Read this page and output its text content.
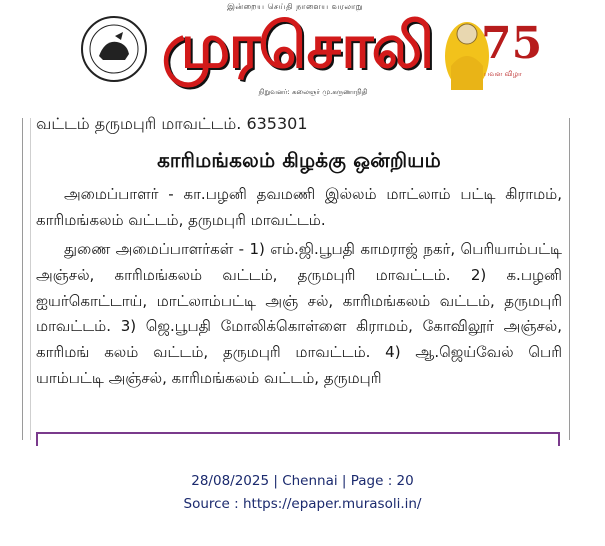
இன்றைய செய்தி நாளைய வரலாறு
முரசொலி 75
பவள விழா
நிறுவனர்: கலைஞர் மு.கருணாநிதி
வட்டம் தருமபுரி மாவட்டம். 635301
காரிமங்கலம் கிழக்கு ஒன்றியம்
அமைப்பாளர் - கா.பழனி தவமணி இல்லம் மாட்லாம் பட்டி கிராமம், காரிமங்கலம் வட்டம், தருமபுரி மாவட்டம்.
துணை அமைப்பாளர்கள் - 1) எம்.ஜி.பூபதி காமராஜ் நகர், பெரியாம்பட்டி அஞ்சல், காரிமங்கலம் வட்டம், தருமபுரி மாவட்டம். 2) க.பழனி ஐயர்கொட்டாய், மாட்லாம்பட்டி அஞ் சல், காரிமங்கலம் வட்டம், தருமபுரி மாவட்டம். 3) ஜெ.பூபதி மோலிக்கொள்ளை கிராமம், கோவிலூர் அஞ்சல், காரிமங் கலம் வட்டம், தருமபுரி மாவட்டம். 4) ஆ.ஜெய்வேல் பெரி யாம்பட்டி அஞ்சல், காரிமங்கலம் வட்டம், தருமபுரி
28/08/2025 | Chennai | Page : 20
Source : https://epaper.murasoli.in/
